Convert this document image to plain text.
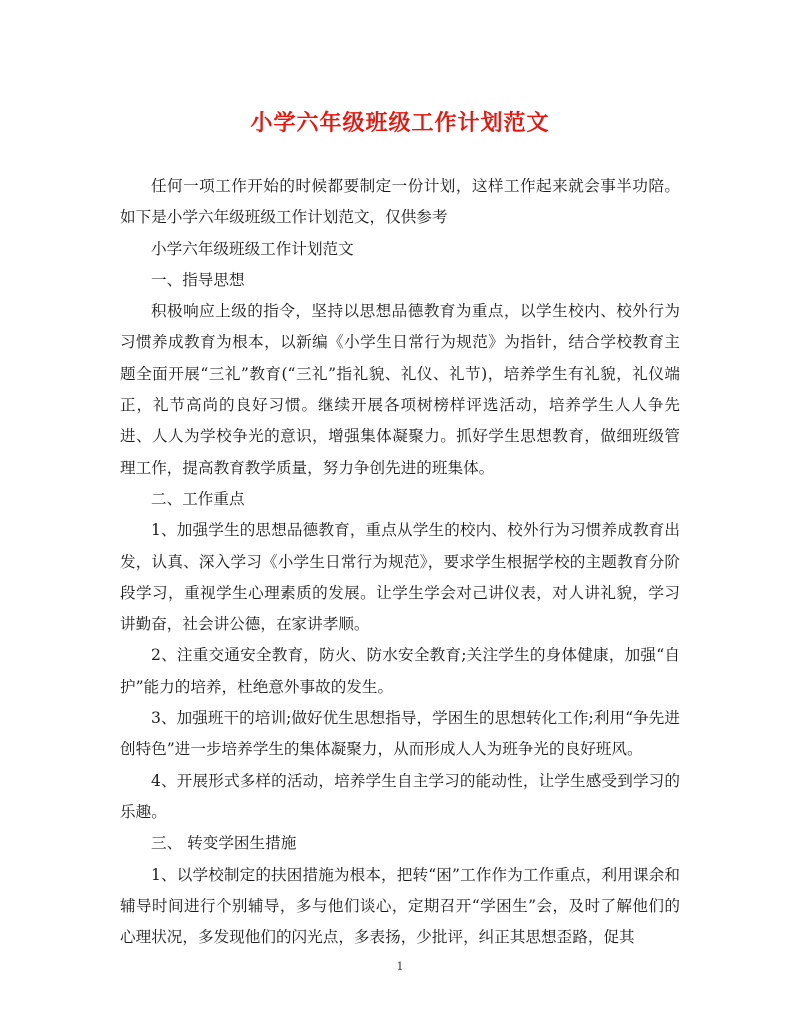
小学六年级班级工作计划范文

任何一项工作开始的时候都要制定一份计划，这样工作起来就会事半功陪。如下是小学六年级班级工作计划范文，仅供参考

小学六年级班级工作计划范文

一、指导思想

积极响应上级的指令，坚持以思想品德教育为重点，以学生校内、校外行为习惯养成教育为根本，以新编《小学生日常行为规范》为指针，结合学校教育主题全面开展“三礼”教育(“三礼”指礼貌、礼仪、礼节)，培养学生有礼貌，礼仪端正，礼节高尚的良好习惯。继续开展各项树榜样评选活动，培养学生人人争先进、人人为学校争光的意识，增强集体凝聚力。抓好学生思想教育，做细班级管理工作，提高教育教学质量，努力争创先进的班集体。

二、工作重点

1、加强学生的思想品德教育，重点从学生的校内、校外行为习惯养成教育出发，认真、深入学习《小学生日常行为规范》，要求学生根据学校的主题教育分阶段学习，重视学生心理素质的发展。让学生学会对己讲仪表，对人讲礼貌，学习讲勤奋，社会讲公德，在家讲孝顺。

2、注重交通安全教育，防火、防水安全教育;关注学生的身体健康，加强“自护”能力的培养，杜绝意外事故的发生。

3、加强班干的培训;做好优生思想指导，学困生的思想转化工作;利用“争先进 创特色”进一步培养学生的集体凝聚力，从而形成人人为班争光的良好班风。

4、开展形式多样的活动，培养学生自主学习的能动性，让学生感受到学习的乐趣。

三、 转变学困生措施

1、以学校制定的扶困措施为根本，把转“困”工作作为工作重点，利用课余和辅导时间进行个别辅导，多与他们谈心，定期召开“学困生”会，及时了解他们的心理状况，多发现他们的闪光点，多表扬，少批评，纠正其思想歪路，促其

1
